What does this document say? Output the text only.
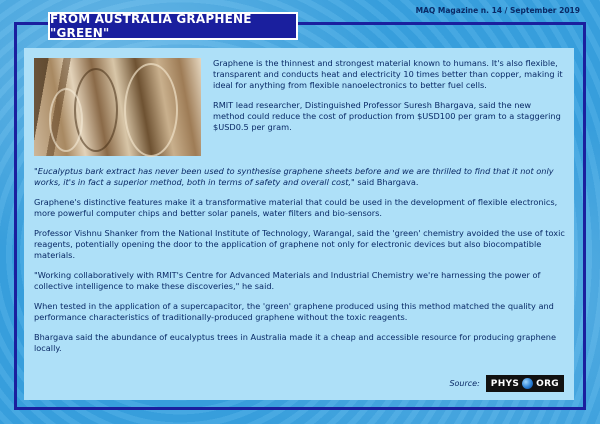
MAQ Magazine n. 14 / September 2019

Graphene is the thinnest and strongest material known to humans. It's also flexible, transparent and conducts heat and electricity 10 times better than copper, making it ideal for anything from flexible nanoelectronics to better fuel cells.

RMIT lead researcher, Distinguished Professor Suresh Bhargava, said the new method could reduce the cost of production from $USD100 per gram to a staggering $USD0.5 per gram.

"Eucalyptus bark extract has never been used to synthesise graphene sheets before and we are thrilled to find that it not only works, it's in fact a superior method, both in terms of safety and overall cost," said Bhargava.

Graphene's distinctive features make it a transformative material that could be used in the development of flexible electronics, more powerful computer chips and better solar panels, water filters and bio-sensors.

Professor Vishnu Shanker from the National Institute of Technology, Warangal, said the 'green' chemistry avoided the use of toxic reagents, potentially opening the door to the application of graphene not only for electronic devices but also biocompatible materials.

"Working collaboratively with RMIT's Centre for Advanced Materials and Industrial Chemistry we're harnessing the power of collective intelligence to make these discoveries," he said.

When tested in the application of a supercapacitor, the 'green' graphene produced using this method matched the quality and performance characteristics of traditionally-produced graphene without the toxic reagents.

Bhargava said the abundance of eucalyptus trees in Australia made it a cheap and accessible resource for producing graphene locally.

Source: PHYS ORG
FROM AUSTRALIA GRAPHENE "GREEN"
